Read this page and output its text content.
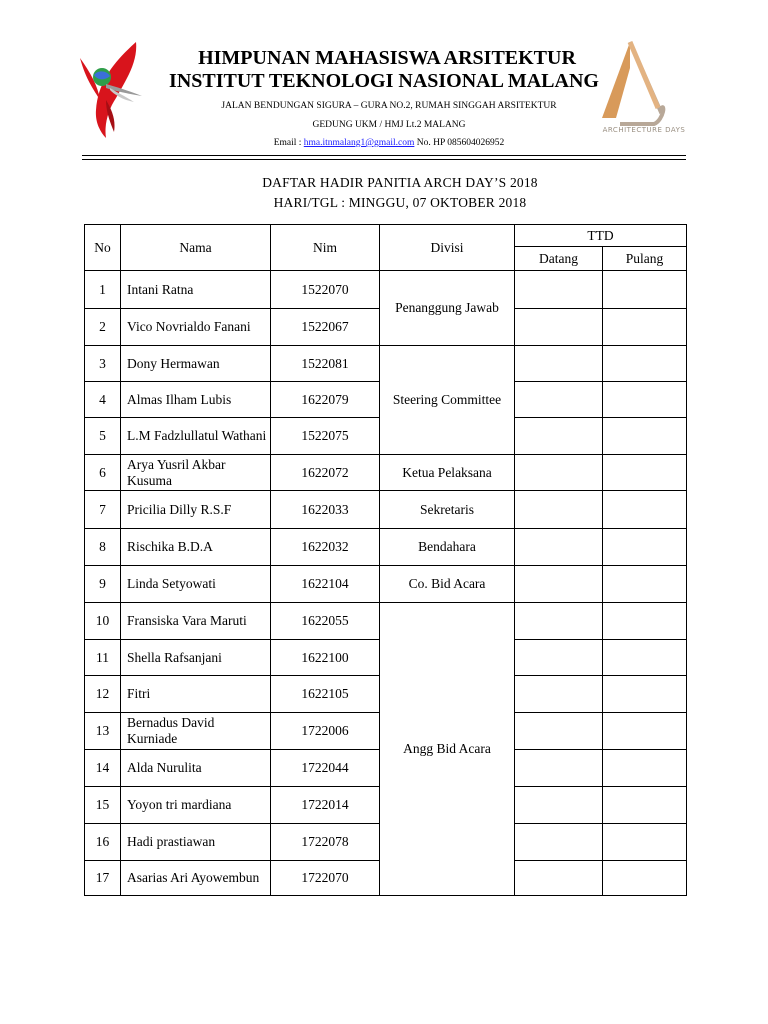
ARCHITECTURE DAYS
HIMPUNAN MAHASISWA ARSITEKTUR
INSTITUT TEKNOLOGI NASIONAL MALANG
JALAN BENDUNGAN SIGURA – GURA NO.2, RUMAH SINGGAH ARSITEKTUR
GEDUNG UKM / HMJ Lt.2 MALANG
Email : hma.itnmalang1@gmail.com No. HP 085604026952
DAFTAR HADIR PANITIA ARCH DAY’S 2018
HARI/TGL : MINGGU, 07 OKTOBER 2018
No	Nama	Nim	Divisi	TTD	
				Datang	Pulang
1	Intani Ratna	1522070	Penanggung Jawab		
2	Vico Novrialdo Fanani	1522067			
3	Dony Hermawan	1522081	Steering Committee		
4	Almas Ilham Lubis	1622079			
5	L.M Fadzlullatul Wathani	1522075			
6	Arya Yusril Akbar Kusuma	1622072	Ketua Pelaksana		
7	Pricilia Dilly R.S.F	1622033	Sekretaris		
8	Rischika B.D.A	1622032	Bendahara		
9	Linda Setyowati	1622104	Co. Bid Acara		
10	Fransiska Vara Maruti	1622055	Angg Bid Acara		
11	Shella Rafsanjani	1622100			
12	Fitri	1622105			
13	Bernadus David Kurniade	1722006			
14	Alda Nurulita	1722044			
15	Yoyon tri mardiana	1722014			
16	Hadi prastiawan	1722078			
17	Asarias Ari Ayowembun	1722070			
